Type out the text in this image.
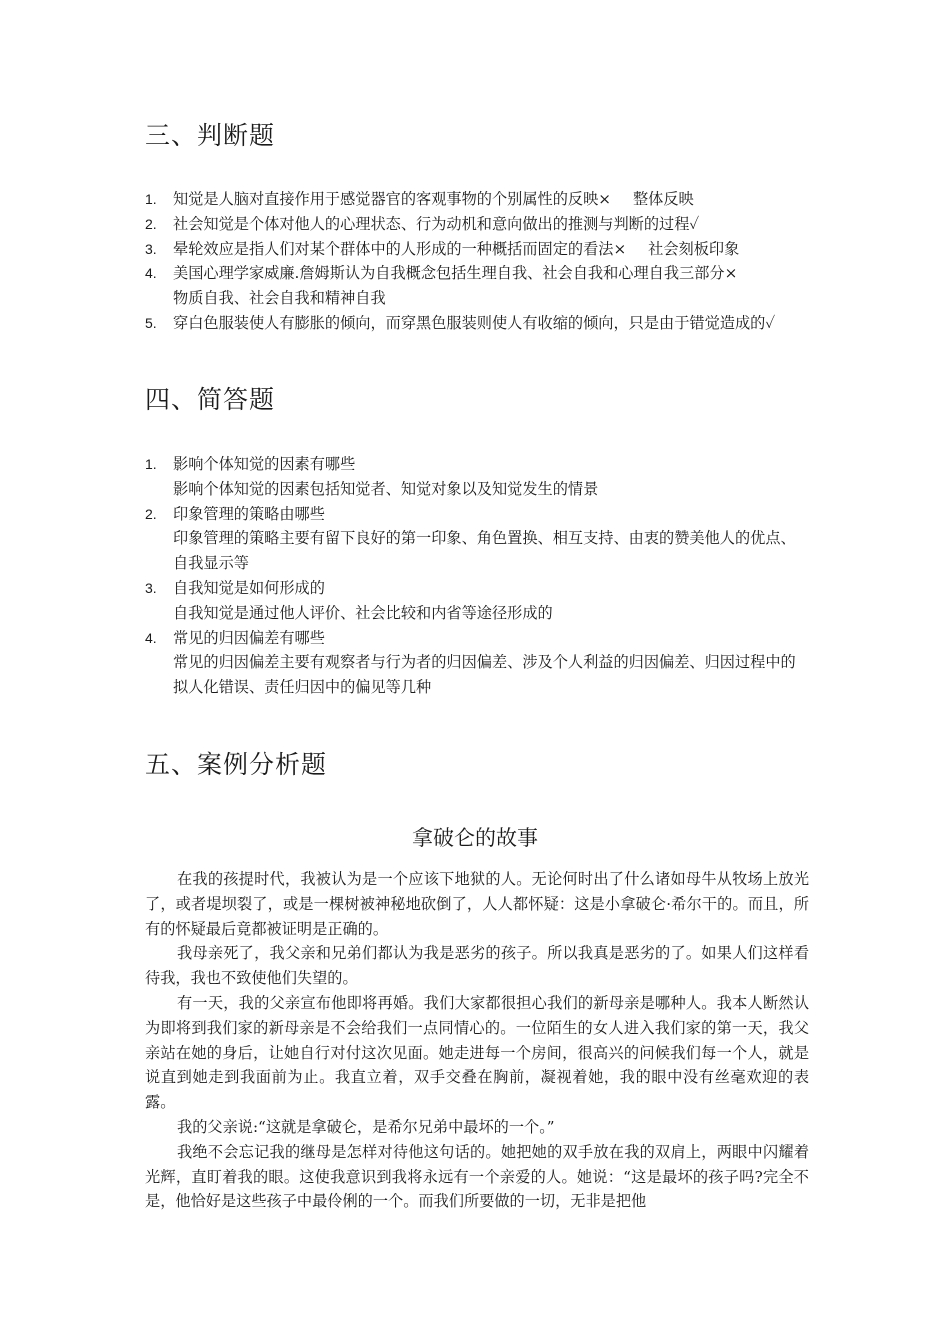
三、判断题
1. 知觉是人脑对直接作用于感觉器官的客观事物的个别属性的反映× 整体反映
2. 社会知觉是个体对他人的心理状态、行为动机和意向做出的推测与判断的过程✓
3. 晕轮效应是指人们对某个群体中的人形成的一种概括而固定的看法× 社会刻板印象
4. 美国心理学家威廉.詹姆斯认为自我概念包括生理自我、社会自我和心理自我三部分×
物质自我、社会自我和精神自我
5. 穿白色服装使人有膨胀的倾向，而穿黑色服装则使人有收缩的倾向，只是由于错觉造成的✓
四、简答题
1. 影响个体知觉的因素有哪些
影响个体知觉的因素包括知觉者、知觉对象以及知觉发生的情景
2. 印象管理的策略由哪些
印象管理的策略主要有留下良好的第一印象、角色置换、相互支持、由衷的赞美他人的优点、自我显示等
3. 自我知觉是如何形成的
自我知觉是通过他人评价、社会比较和内省等途径形成的
4. 常见的归因偏差有哪些
常见的归因偏差主要有观察者与行为者的归因偏差、涉及个人利益的归因偏差、归因过程中的拟人化错误、责任归因中的偏见等几种
五、案例分析题
拿破仑的故事

在我的孩提时代，我被认为是一个应该下地狱的人。无论何时出了什么诸如母牛从牧场上放光了，或者堤坝裂了，或是一棵树被神秘地砍倒了，人人都怀疑：这是小拿破仑·希尔干的。而且，所有的怀疑最后竟都被证明是正确的。

我母亲死了，我父亲和兄弟们都认为我是恶劣的孩子。所以我真是恶劣的了。如果人们这样看待我，我也不致使他们失望的。

有一天，我的父亲宣布他即将再婚。我们大家都很担心我们的新母亲是哪种人。我本人断然认为即将到我们家的新母亲是不会给我们一点同情心的。一位陌生的女人进入我们家的第一天，我父亲站在她的身后，让她自行对付这次见面。她走进每一个房间，很高兴的问候我们每一个人，就是说直到她走到我面前为止。我直立着，双手交叠在胸前，凝视着她，我的眼中没有丝毫欢迎的表露。

我的父亲说:“这就是拿破仑，是希尔兄弟中最坏的一个。”

我绝不会忘记我的继母是怎样对待他这句话的。她把她的双手放在我的双肩上，两眼中闪耀着光辉，直盯着我的眼。这使我意识到我将永远有一个亲爱的人。她说：“这是最坏的孩子吗?完全不是，他恰好是这些孩子中最伶俐的一个。而我们所要做的一切，无非是把他
